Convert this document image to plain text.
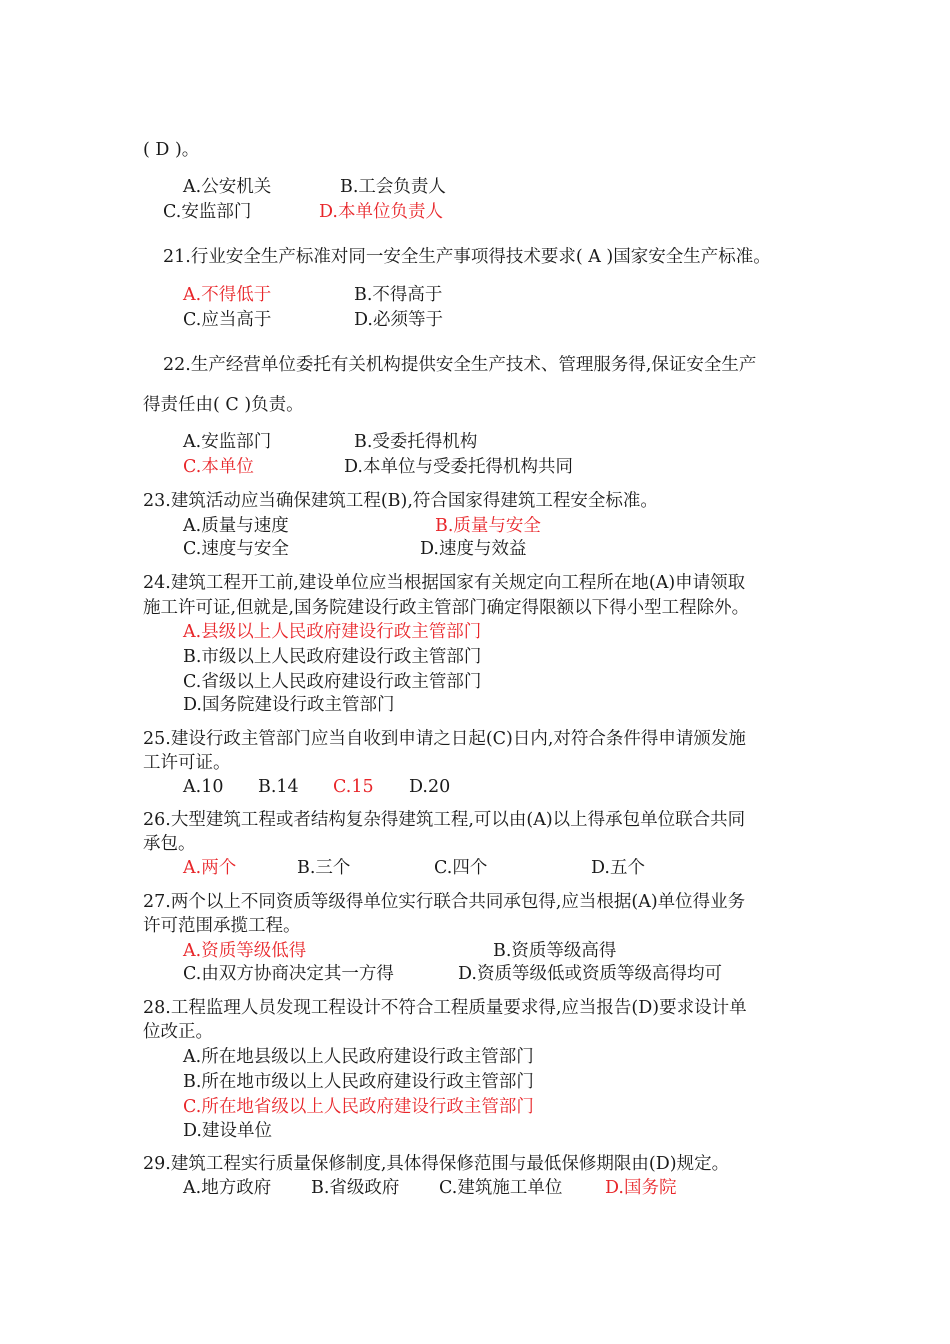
( D )。
A.公安机关	B.工会负责人
C.安监部门	D.本单位负责人
21.行业安全生产标准对同一安全生产事项得技术要求( A )国家安全生产标准。
A.不得低于	B.不得高于
C.应当高于	D.必须等于
22.生产经营单位委托有关机构提供安全生产技术、管理服务得,保证安全生产
得责任由( C )负责。
A.安监部门	B.受委托得机构
C.本单位	D.本单位与受委托得机构共同
23.建筑活动应当确保建筑工程(B),符合国家得建筑工程安全标准。
A.质量与速度	B.质量与安全
C.速度与安全	D.速度与效益
24.建筑工程开工前,建设单位应当根据国家有关规定向工程所在地(A)申请领取
施工许可证,但就是,国务院建设行政主管部门确定得限额以下得小型工程除外。
A.县级以上人民政府建设行政主管部门
B.市级以上人民政府建设行政主管部门
C.省级以上人民政府建设行政主管部门
D.国务院建设行政主管部门
25.建设行政主管部门应当自收到申请之日起(C)日内,对符合条件得申请颁发施
工许可证。
A.10 B.14 C.15 D.20
26.大型建筑工程或者结构复杂得建筑工程,可以由(A)以上得承包单位联合共同
承包。
A.两个	B.三个	C.四个	D.五个
27.两个以上不同资质等级得单位实行联合共同承包得,应当根据(A)单位得业务
许可范围承揽工程。
A.资质等级低得	B.资质等级高得
C.由双方协商决定其一方得	D.资质等级低或资质等级高得均可
28.工程监理人员发现工程设计不符合工程质量要求得,应当报告(D)要求设计单
位改正。
A.所在地县级以上人民政府建设行政主管部门
B.所在地市级以上人民政府建设行政主管部门
C.所在地省级以上人民政府建设行政主管部门
D.建设单位
29.建筑工程实行质量保修制度,具体得保修范围与最低保修期限由(D)规定。
A.地方政府 B.省级政府 C.建筑施工单位 D.国务院
